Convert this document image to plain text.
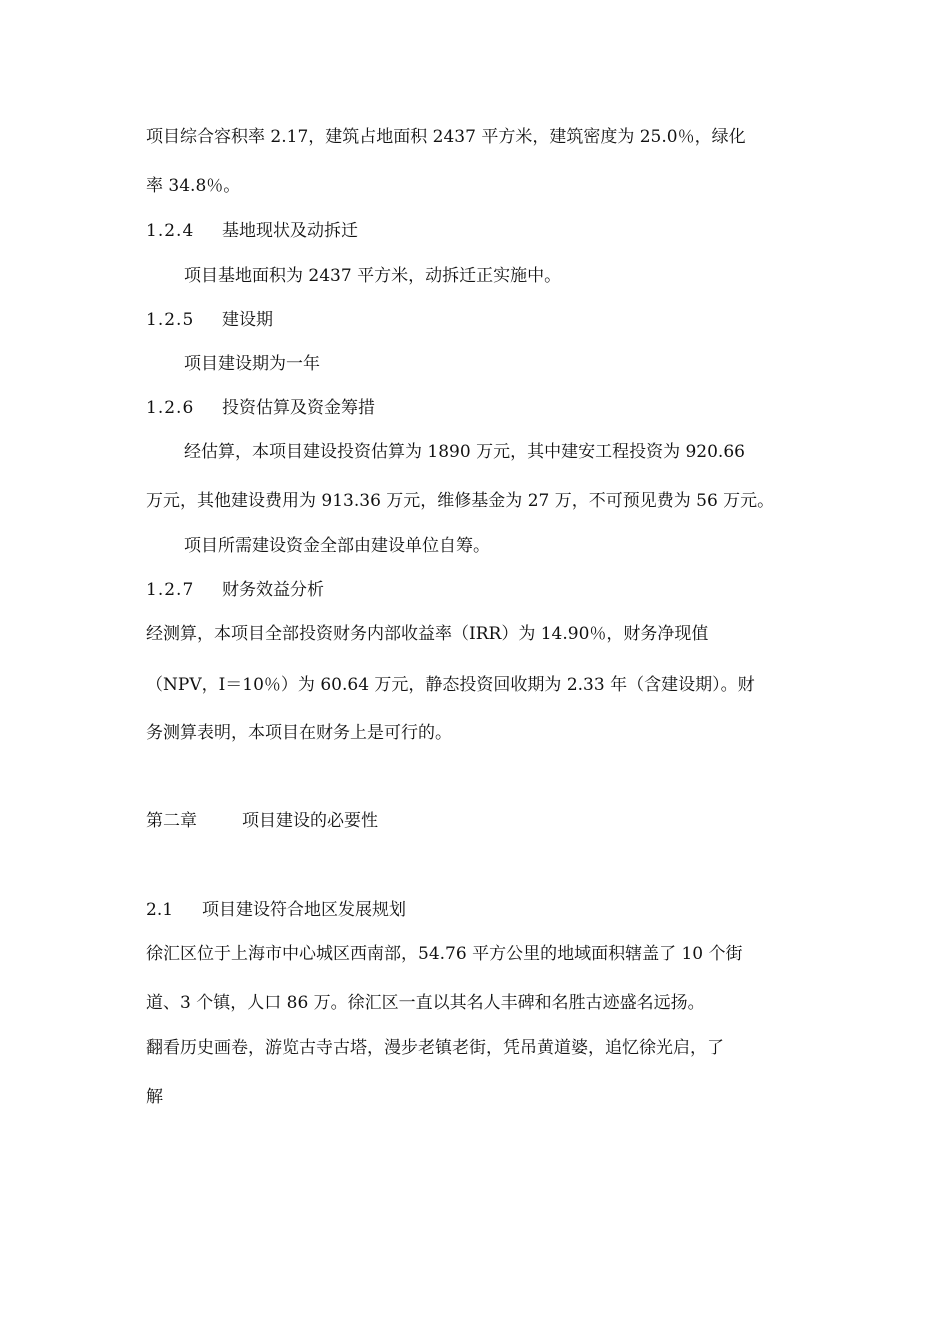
项目综合容积率 2.17，建筑占地面积 2437 平方米，建筑密度为 25.0％，绿化
率 34.8％。
1.2.4 基地现状及动拆迁
项目基地面积为 2437 平方米，动拆迁正实施中。
1.2.5 建设期
项目建设期为一年
1.2.6 投资估算及资金筹措
经估算，本项目建设投资估算为 1890 万元，其中建安工程投资为 920.66
万元，其他建设费用为 913.36 万元，维修基金为 27 万，不可预见费为 56 万元。
项目所需建设资金全部由建设单位自筹。
1.2.7 财务效益分析
经测算，本项目全部投资财务内部收益率（IRR）为 14.90％，财务净现值
（NPV，I＝10％）为 60.64 万元，静态投资回收期为 2.33 年（含建设期）。财
务测算表明，本项目在财务上是可行的。
第二章	项目建设的必要性
2.1 项目建设符合地区发展规划
徐汇区位于上海市中心城区西南部，54.76 平方公里的地域面积辖盖了 10 个街
道、3 个镇，人口 86 万。徐汇区一直以其名人丰碑和名胜古迹盛名远扬。
翻看历史画卷，游览古寺古塔，漫步老镇老街，凭吊黄道婆，追忆徐光启，了
解
